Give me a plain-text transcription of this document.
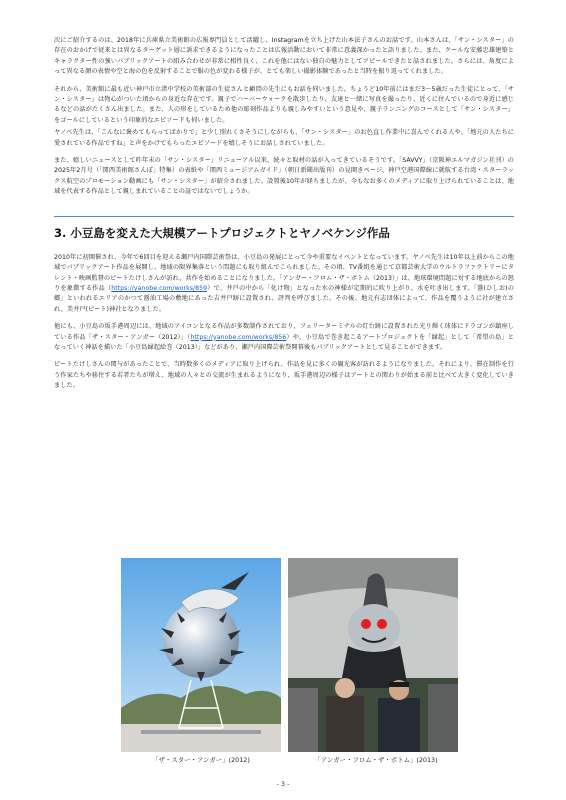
次にご紹介するのは、2018年に兵庫県立美術館の広報専門員として活躍し、Instagramを立ち上げた山本法子さんのお話です。山本さんは、「サン・シスター」の存在のおかげで従来とは異なるターゲット層に訴求できるようになったことは広報活動において非常に意義深かったと語りました。また、クールな安藤忠雄建築とキャラクター性の強いパブリックアートの組み合わせが非常に相性良く、これを他にはない独自の魅力としてアピールできたと話されました。さらには、角度によって異なる顔の表情や空と海の色を反射することで服の色が変わる様子が、とても楽しい撮影体験であったと当時を振り返ってくれました。

それから、美術館に最も近い神戸市立渚中学校の美術部の生徒さんと顧問の先生にもお話を伺いました。ちょうど10年前にはまだ3～5歳だった生徒にとって、「サン・シスター」は物心がついた頃からの身近な存在です。親子でハーバーウォークを散歩したり、友達と一緒に写真を撮ったり、近くに住んでいるので身近に感じるなどの話がたくさん出ました。また、人の形をしているため他の彫刻作品よりも親しみやすいという意見や、親子ランニングのコースとして「サン・シスター」をゴールにしているという印象的なエピソードも伺いました。

ヤノベ先生は、「こんなに褒めてもらってばかりで」と少し照れくさそうにしながらも、「サン・シスター」のお色直し作業中に喜んでくれる人や、「地元の人たちに愛されている作品ですね」と声をかけてもらったエピソードを嬉しそうにお話しされていました。

また、嬉しいニュースとして昨年末の「サン・シスター」リニューアル以来、続々と取材の話が入ってきているそうです。「SAVVY」（京阪神エルマガジン社刊）の2025年2月号（「関西美術館さんぽ」特集）の表紙や「関西ミュージアムガイド」（朝日新聞出版刊）の見開きページ、神戸空港国際線に就航する台湾・スターラックス航空のプロモーション動画にも「サン・シスター」が紹介されました。設置後10年が経ちましたが、今もなお多くのメディアに取り上げられていることは、地域を代表する作品として親しまれていることの証ではないでしょうか。

3. 小豆島を変えた大規模アートプロジェクトとヤノベケンジ作品

2010年に初開催され、今年で6回目を迎える瀬戸内国際芸術祭は、小豆島の発展にとって今や重要なイベントとなっています。ヤノベ先生は10年以上前からこの地域でパブリックアート作品を展開し、地域の限界集落という問題にも取り組んでこられました。その頃、TV番組を通じて京都芸術大学のウルトラファクトリーにタレント・映画監督のピートたけしさんが訪れ、共作を始めることになりました。「アンガー・フロム・ザ・ボトム（2013）」は、地球環境問題に対する地底からの怒りを象徴する作品（https://yanobe.com/works/859）で、井戸の中から「化け物」となった水の神様が定期的に吹り上がり、水を吐き出します。「醤(ひしお)の郷」といわれるエリアのかつて醤油工場の敷地にあった吉井戸跡に設置され、評判を呼びました。その後、地元有志団体によって、作品を覆うように社が建立され、美井戸(ビート)神社となりました。

他にも、小豆島の坂手港周辺には、地域のアイコンとなる作品が多数制作されており、フェリーターミナルの灯台跡に設置された光り輝く球体にドラゴンが鎮座している作品「ザ・スター・アンガー（2012）」（https://yanobe.com/works/856）や、小豆島で巻き起こるアートプロジェクトを「縁起」として「希望の島」となっていく神話を描いた「小豆島縁起絵巻（2013）」などがあり、瀬戸内国際芸術祭開幕後もパブリックアートとして見ることができます。

ピートたけしさんの関与があったことで、当時数多くのメディアに取り上げられ、作品を見に多くの観光客が訪れるようになりました。それにより、滞在制作を行う作家たちや移住する若者たちが増え、地域の人々との交流が生まれるようになり、坂手港周辺の様子はアートとの関わりが始まる前と比べて大きく変化していきました。

「ザ・スター・アンガー」(2012)	「アンガー・フロム・ザ・ボトム」(2013)
- 3 -
